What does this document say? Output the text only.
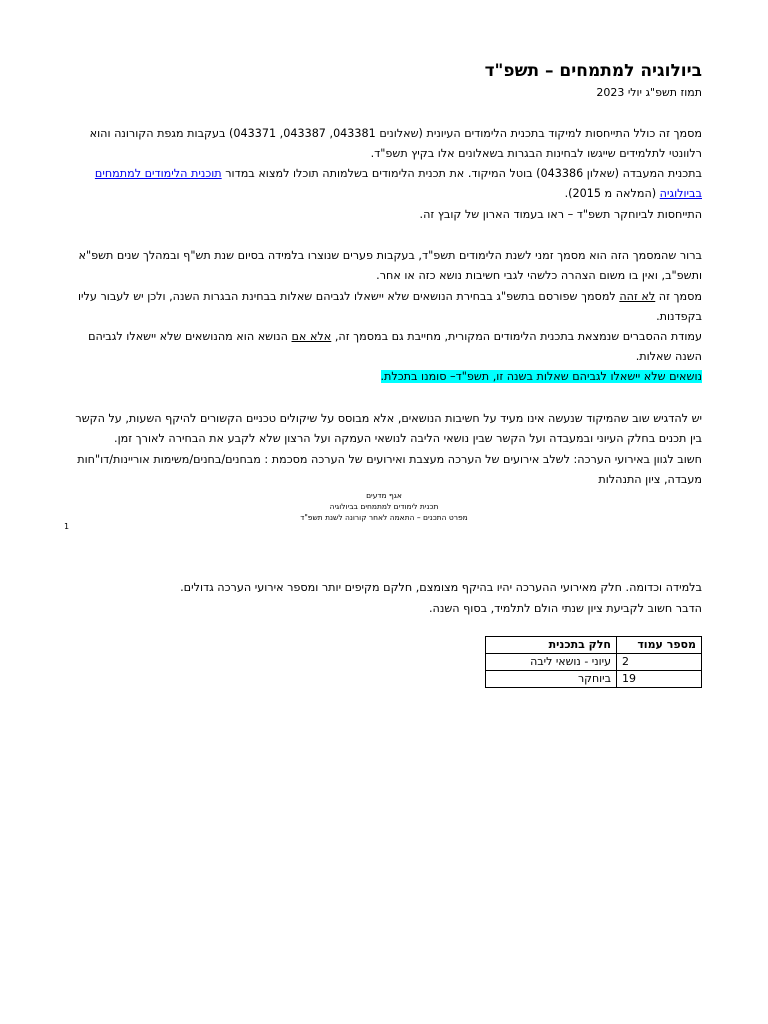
ביולוגיה למתמחים – תשפ"ד
תמוז תשפ"ג יולי 2023

מסמך זה כולל התייחסות למיקוד בתכנית הלימודים העיונית (שאלונים 043381, 043387, 043371) בעקבות מגפת הקורונה והוא רלוונטי לתלמידים שייגשו לבחינות הבגרות בשאלונים אלו בקיץ תשפ"ד.

בתכנית המעבדה (שאלון 043386) בוטל המיקוד. את תכנית הלימודים בשלמותה תוכלו למצוא במדור תוכנית הלימודים למתמחים בביולוגיה (המלאה מ 2015).

התייחסות לביוחקר תשפ"ד – ראו בעמוד הארון של קובץ זה.

ברור שהמסמך הזה הוא מסמך זמני לשנת הלימודים תשפ"ד, בעקבות פערים שנוצרו בלמידה בסיום שנת תש"ף ובמהלך שנים תשפ"א ותשפ"ב, ואין בו משום הצהרה כלשהי לגבי חשיבות נושא כזה או אחר.

מסמך זה לא זהה למסמך שפורסם בתשפ"ג בבחירת הנושאים שלא יישאלו לגביהם שאלות בבחינת הבגרות השנה, ולכן יש לעבור עליו בקפדנות.

עמודת ההסברים שנמצאת בתכנית הלימודים המקורית, מחייבת גם במסמך זה, אלא אם הנושא הוא מהנושאים שלא יישאלו לגביהם השנה שאלות.

נושאים שלא יישאלו לגביהם שאלות בשנה זו, תשפ"ד– סומנו בתכלת.

יש להדגיש שוב שהמיקוד שנעשה אינו מעיד על חשיבות הנושאים, אלא מבוסס על שיקולים טכניים הקשורים להיקף השעות, על הקשר בין תכנים בחלק העיוני ובמעבדה ועל הקשר שבין נושאי הליבה לנושאי העמקה ועל הרצון שלא לקבע את הבחירה לאורך זמן.

חשוב לגוון באירועי הערכה: לשלב אירועים של הערכה מעצבת ואירועים של הערכה מסכמת : מבחנים/בחנים/משימות אוריינות/דו"חות מעבדה, ציון התנהלות

אגף מדעים
תכנית לימודים למתמחים בביולוגיה
מפרט התכנים – התאמה לאחר קורונה לשנת תשפ"ד
1

בלמידה וכדומה. חלק מאירועי ההערכה יהיו בהיקף מצומצם, חלקם מקיפים יותר ומספר אירועי הערכה גדולים.

הדבר חשוב לקביעת ציון שנתי הולם לתלמיד, בסוף השנה.

מספר עמוד	חלק בתכנית
2	עיוני - נושאי ליבה
19	ביוחקר
